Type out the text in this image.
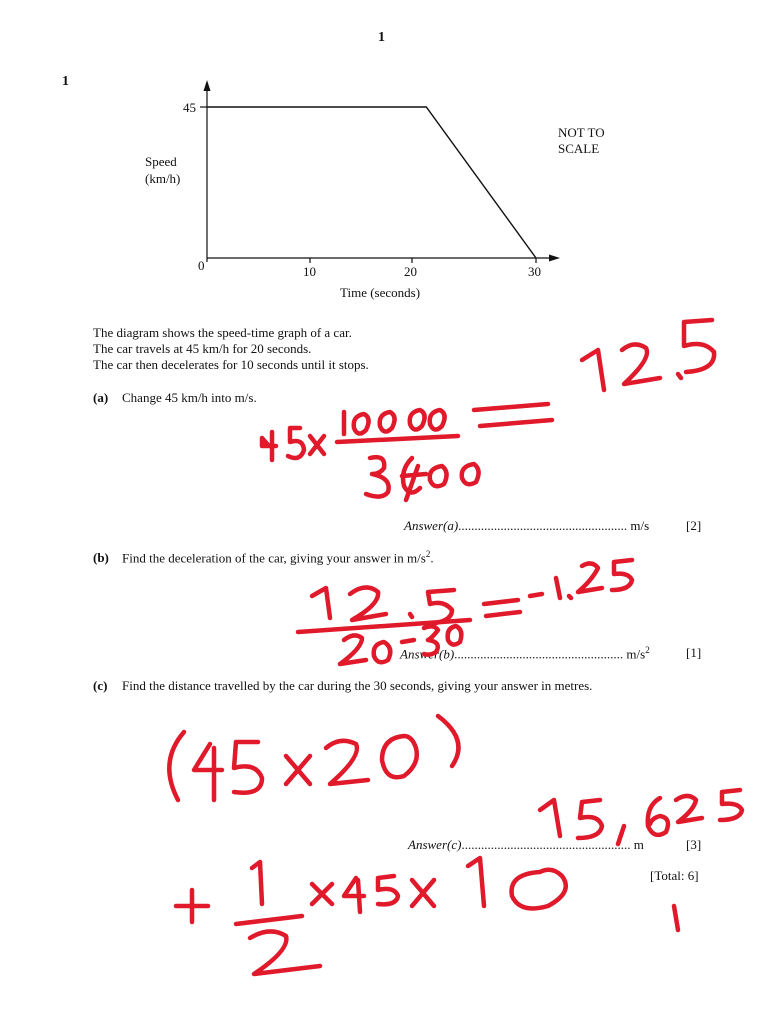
1
1
45
0	10	20	30
Time (seconds)
Speed
(km/h)
NOT TO
SCALE
The diagram shows the speed-time graph of a car.
The car travels at 45 km/h for 20 seconds.
The car then decelerates for 10 seconds until it stops.
(a) Change 45 km/h into m/s.
Answer(a).................................................... m/s	[2]
(b) Find the deceleration of the car, giving your answer in $m/s^2$.
Answer(b).................................................... $m/s^2$	[1]
(c) Find the distance travelled by the car during the 30 seconds, giving your answer in metres.
Answer(c).................................................... m	[3]
[Total: 6]
